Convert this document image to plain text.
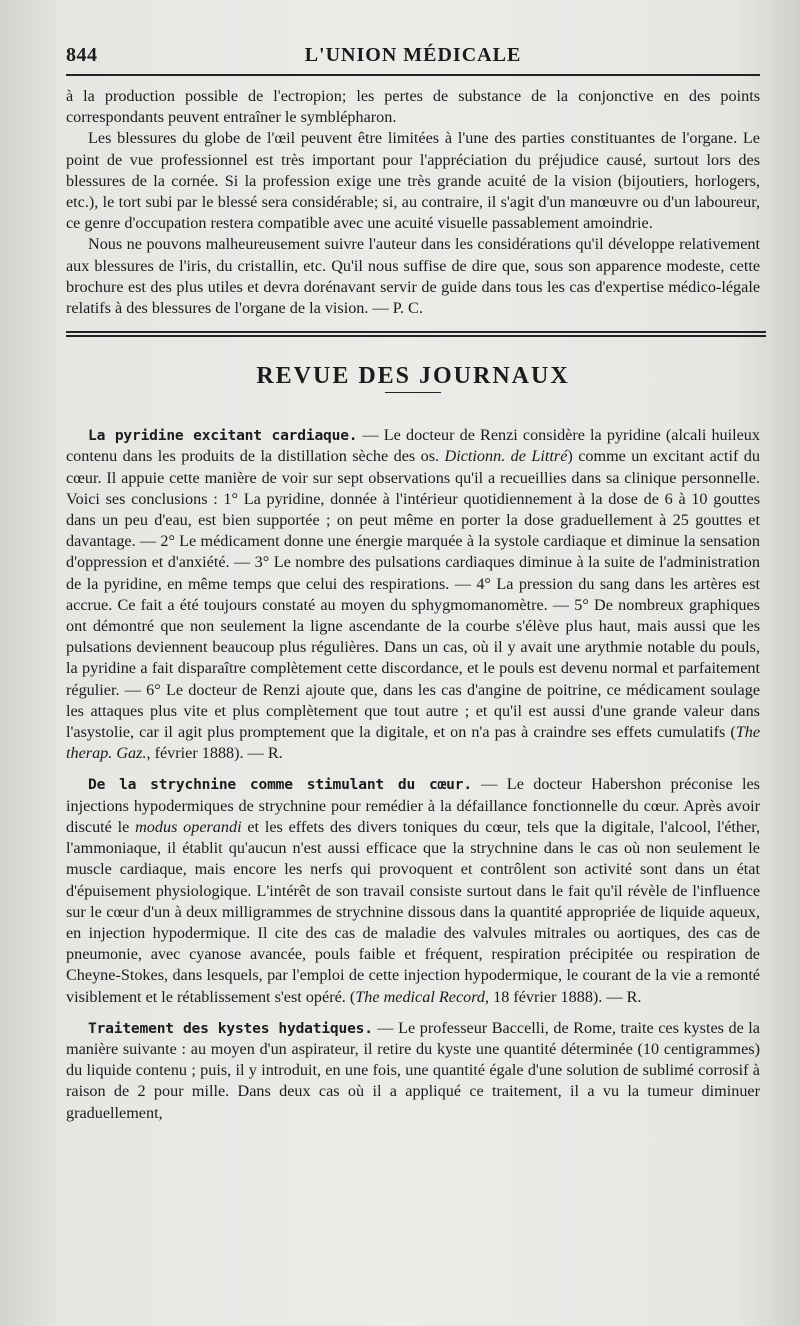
844	L'UNION MÉDICALE

à la production possible de l'ectropion; les pertes de substance de la conjonctive en des points correspondants peuvent entraîner le symblépharon.

Les blessures du globe de l'œil peuvent être limitées à l'une des parties constituantes de l'organe. Le point de vue professionnel est très important pour l'appréciation du préjudice causé, surtout lors des blessures de la cornée. Si la profession exige une très grande acuité de la vision (bijoutiers, horlogers, etc.), le tort subi par le blessé sera considérable; si, au contraire, il s'agit d'un manœuvre ou d'un laboureur, ce genre d'occupation restera compatible avec une acuité visuelle passablement amoindrie.

Nous ne pouvons malheureusement suivre l'auteur dans les considérations qu'il développe relativement aux blessures de l'iris, du cristallin, etc. Qu'il nous suffise de dire que, sous son apparence modeste, cette brochure est des plus utiles et devra dorénavant servir de guide dans tous les cas d'expertise médico-légale relatifs à des blessures de l'organe de la vision. — P. C.

REVUE DES JOURNAUX

La pyridine excitant cardiaque. — Le docteur de Renzi considère la pyridine (alcali huileux contenu dans les produits de la distillation sèche des os. Dictionn. de Littré) comme un excitant actif du cœur. Il appuie cette manière de voir sur sept observations qu'il a recueillies dans sa clinique personnelle. Voici ses conclusions : 1° La pyridine, donnée à l'intérieur quotidiennement à la dose de 6 à 10 gouttes dans un peu d'eau, est bien supportée ; on peut même en porter la dose graduellement à 25 gouttes et davantage. — 2° Le médicament donne une énergie marquée à la systole cardiaque et diminue la sensation d'oppression et d'anxiété. — 3° Le nombre des pulsations cardiaques diminue à la suite de l'administration de la pyridine, en même temps que celui des respirations. — 4° La pression du sang dans les artères est accrue. Ce fait a été toujours constaté au moyen du sphygmomanomètre. — 5° De nombreux graphiques ont démontré que non seulement la ligne ascendante de la courbe s'élève plus haut, mais aussi que les pulsations deviennent beaucoup plus régulières. Dans un cas, où il y avait une arythmie notable du pouls, la pyridine a fait disparaître complètement cette discordance, et le pouls est devenu normal et parfaitement régulier. — 6° Le docteur de Renzi ajoute que, dans les cas d'angine de poitrine, ce médicament soulage les attaques plus vite et plus complètement que tout autre ; et qu'il est aussi d'une grande valeur dans l'asystolie, car il agit plus promptement que la digitale, et on n'a pas à craindre ses effets cumulatifs (The therap. Gaz., février 1888). — R.

De la strychnine comme stimulant du cœur. — Le docteur Habershon préconise les injections hypodermiques de strychnine pour remédier à la défaillance fonctionnelle du cœur. Après avoir discuté le modus operandi et les effets des divers toniques du cœur, tels que la digitale, l'alcool, l'éther, l'ammoniaque, il établit qu'aucun n'est aussi efficace que la strychnine dans le cas où non seulement le muscle cardiaque, mais encore les nerfs qui provoquent et contrôlent son activité sont dans un état d'épuisement physiologique. L'intérêt de son travail consiste surtout dans le fait qu'il révèle de l'influence sur le cœur d'un à deux milligrammes de strychnine dissous dans la quantité appropriée de liquide aqueux, en injection hypodermique. Il cite des cas de maladie des valvules mitrales ou aortiques, des cas de pneumonie, avec cyanose avancée, pouls faible et fréquent, respiration précipitée ou respiration de Cheyne-Stokes, dans lesquels, par l'emploi de cette injection hypodermique, le courant de la vie a remonté visiblement et le rétablissement s'est opéré. (The medical Record, 18 février 1888). — R.

Traitement des kystes hydatiques. — Le professeur Baccelli, de Rome, traite ces kystes de la manière suivante : au moyen d'un aspirateur, il retire du kyste une quantité déterminée (10 centigrammes) du liquide contenu ; puis, il y introduit, en une fois, une quantité égale d'une solution de sublimé corrosif à raison de 2 pour mille. Dans deux cas où il a appliqué ce traitement, il a vu la tumeur diminuer graduellement,
